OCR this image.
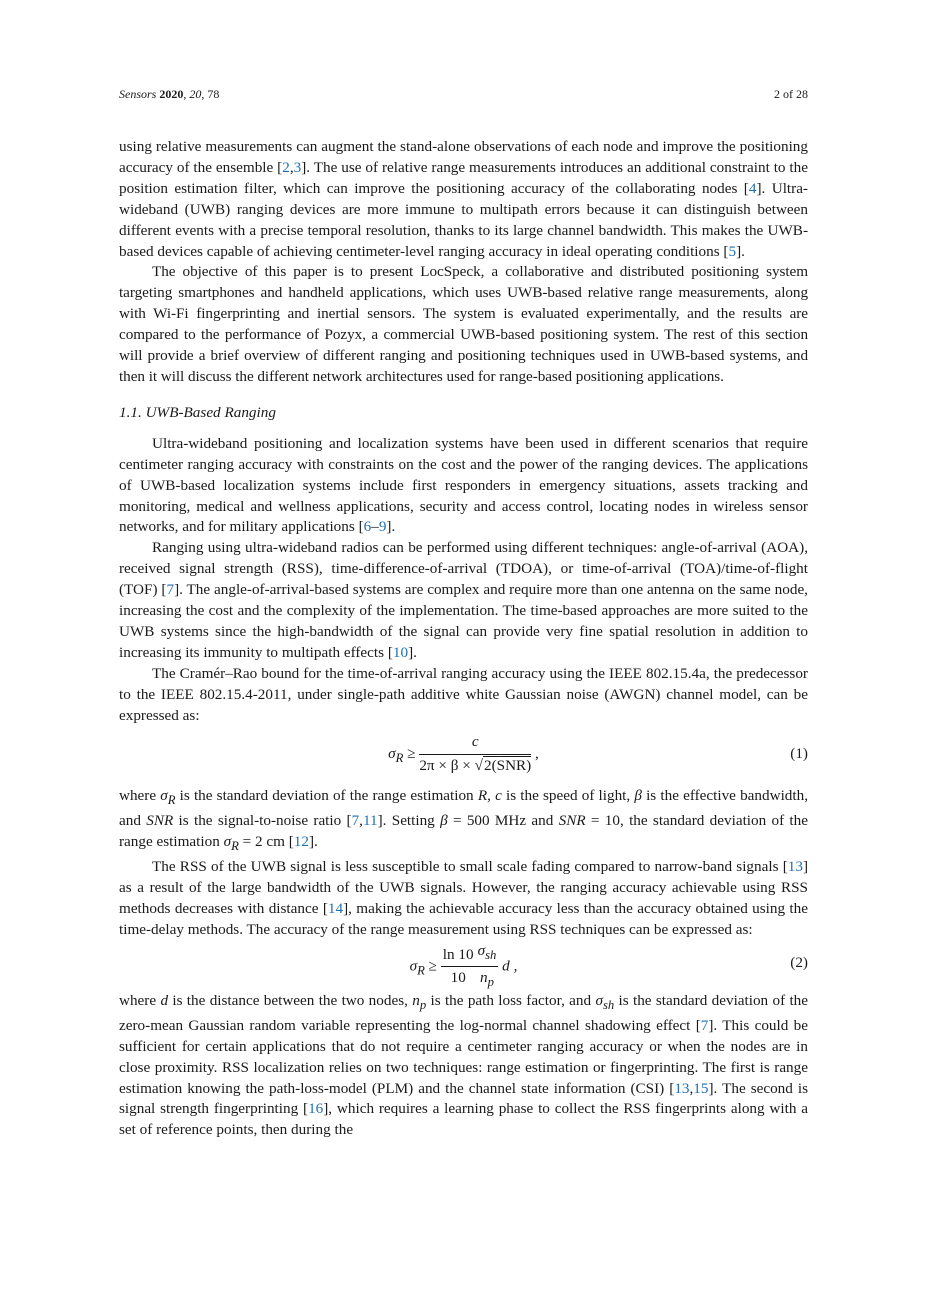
Sensors 2020, 20, 78	2 of 28

using relative measurements can augment the stand-alone observations of each node and improve the positioning accuracy of the ensemble [2,3]. The use of relative range measurements introduces an additional constraint to the position estimation filter, which can improve the positioning accuracy of the collaborating nodes [4]. Ultra-wideband (UWB) ranging devices are more immune to multipath errors because it can distinguish between different events with a precise temporal resolution, thanks to its large channel bandwidth. This makes the UWB-based devices capable of achieving centimeter-level ranging accuracy in ideal operating conditions [5].

The objective of this paper is to present LocSpeck, a collaborative and distributed positioning system targeting smartphones and handheld applications, which uses UWB-based relative range measurements, along with Wi-Fi fingerprinting and inertial sensors. The system is evaluated experimentally, and the results are compared to the performance of Pozyx, a commercial UWB-based positioning system. The rest of this section will provide a brief overview of different ranging and positioning techniques used in UWB-based systems, and then it will discuss the different network architectures used for range-based positioning applications.

1.1. UWB-Based Ranging

Ultra-wideband positioning and localization systems have been used in different scenarios that require centimeter ranging accuracy with constraints on the cost and the power of the ranging devices. The applications of UWB-based localization systems include first responders in emergency situations, assets tracking and monitoring, medical and wellness applications, security and access control, locating nodes in wireless sensor networks, and for military applications [6–9].

Ranging using ultra-wideband radios can be performed using different techniques: angle-of-arrival (AOA), received signal strength (RSS), time-difference-of-arrival (TDOA), or time-of-arrival (TOA)/time-of-flight (TOF) [7]. The angle-of-arrival-based systems are complex and require more than one antenna on the same node, increasing the cost and the complexity of the implementation. The time-based approaches are more suited to the UWB systems since the high-bandwidth of the signal can provide very fine spatial resolution in addition to increasing its immunity to multipath effects [10].

The Cramér–Rao bound for the time-of-arrival ranging accuracy using the IEEE 802.15.4a, the predecessor to the IEEE 802.15.4-2011, under single-path additive white Gaussian noise (AWGN) channel model, can be expressed as:

$\sigma_R \ge \frac{c}{\text{2π × β × √2(SNR)}}$ ,	(1)

where $\sigma_R$ is the standard deviation of the range estimation R, c is the speed of light, β is the effective bandwidth, and SNR is the signal-to-noise ratio [7,11]. Setting β = 500 MHz and SNR = 10, the standard deviation of the range estimation $\sigma_R = 2$ cm [12].

The RSS of the UWB signal is less susceptible to small scale fading compared to narrow-band signals [13] as a result of the large bandwidth of the UWB signals. However, the ranging accuracy achievable using RSS methods decreases with distance [14], making the achievable accuracy less than the accuracy obtained using the time-delay methods. The accuracy of the range measurement using RSS techniques can be expressed as:

$\sigma_R \ge \frac{\ln 10}{10} \frac{\sigma_{sh}}{n_p}$ d ,	(2)

where d is the distance between the two nodes, $n_p$ is the path loss factor, and $\sigma_{sh}$ is the standard deviation of the zero-mean Gaussian random variable representing the log-normal channel shadowing effect [7]. This could be sufficient for certain applications that do not require a centimeter ranging accuracy or when the nodes are in close proximity. RSS localization relies on two techniques: range estimation or fingerprinting. The first is range estimation knowing the path-loss-model (PLM) and the channel state information (CSI) [13,15]. The second is signal strength fingerprinting [16], which requires a learning phase to collect the RSS fingerprints along with a set of reference points, then during the
